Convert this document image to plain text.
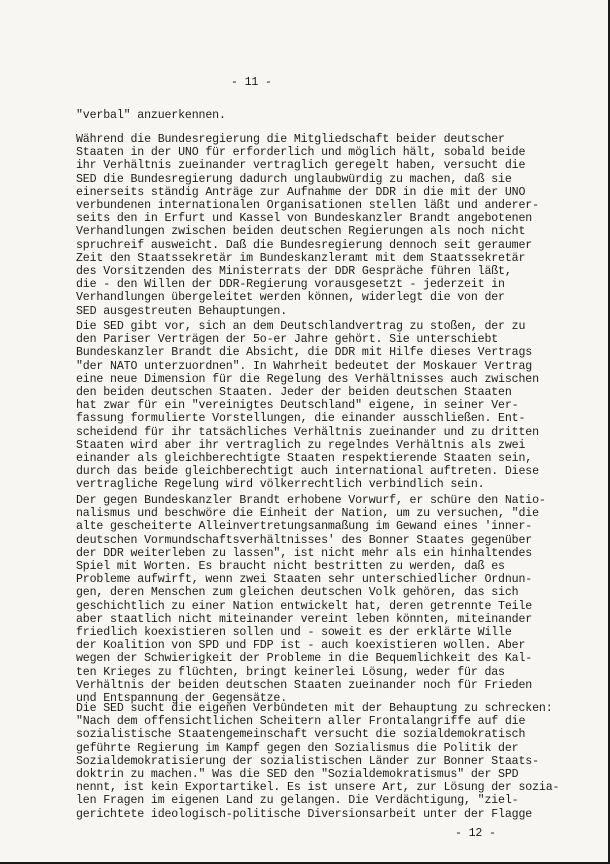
- 11 -
"verbal" anzuerkennen.
Während die Bundesregierung die Mitgliedschaft beider deutscher
Staaten in der UNO für erforderlich und möglich hält, sobald beide
ihr Verhältnis zueinander vertraglich geregelt haben, versucht die
SED die Bundesregierung dadurch unglaubwürdig zu machen, daß sie
einerseits ständig Anträge zur Aufnahme der DDR in die mit der UNO
verbundenen internationalen Organisationen stellen läßt und anderer-
seits den in Erfurt und Kassel von Bundeskanzler Brandt angebotenen
Verhandlungen zwischen beiden deutschen Regierungen als noch nicht
spruchreif ausweicht. Daß die Bundesregierung dennoch seit geraumer
Zeit den Staatssekretär im Bundeskanzleramt mit dem Staatssekretär
des Vorsitzenden des Ministerrats der DDR Gespräche führen läßt,
die - den Willen der DDR-Regierung vorausgesetzt - jederzeit in
Verhandlungen übergeleitet werden können, widerlegt die von der
SED ausgestreuten Behauptungen.
Die SED gibt vor, sich an dem Deutschlandvertrag zu stoßen, der zu
den Pariser Verträgen der 5o-er Jahre gehört. Sie unterschiebt
Bundeskanzler Brandt die Absicht, die DDR mit Hilfe dieses Vertrags
"der NATO unterzuordnen". In Wahrheit bedeutet der Moskauer Vertrag
eine neue Dimension für die Regelung des Verhältnisses auch zwischen
den beiden deutschen Staaten. Jeder der beiden deutschen Staaten
hat zwar für ein "vereinigtes Deutschland" eigene, in seiner Ver-
fassung formulierte Vorstellungen, die einander ausschließen. Ent-
scheidend für ihr tatsächliches Verhältnis zueinander und zu dritten
Staaten wird aber ihr vertraglich zu regelndes Verhältnis als zwei
einander als gleichberechtigte Staaten respektierende Staaten sein,
durch das beide gleichberechtigt auch international auftreten. Diese
vertragliche Regelung wird völkerrechtlich verbindlich sein.
Der gegen Bundeskanzler Brandt erhobene Vorwurf, er schüre den Natio-
nalismus und beschwöre die Einheit der Nation, um zu versuchen, "die
alte gescheiterte Alleinvertretungsanmaßung im Gewand eines 'inner-
deutschen Vormundschaftsverhältnisses' des Bonner Staates gegenüber
der DDR weiterleben zu lassen", ist nicht mehr als ein hinhaltendes
Spiel mit Worten. Es braucht nicht bestritten zu werden, daß es
Probleme aufwirft, wenn zwei Staaten sehr unterschiedlicher Ordnun-
gen, deren Menschen zum gleichen deutschen Volk gehören, das sich
geschichtlich zu einer Nation entwickelt hat, deren getrennte Teile
aber staatlich nicht miteinander vereint leben könnten, miteinander
friedlich koexistieren sollen und - soweit es der erklärte Wille
der Koalition von SPD und FDP ist - auch koexistieren wollen. Aber
wegen der Schwierigkeit der Probleme in die Bequemlichkeit des Kal-
ten Krieges zu flüchten, bringt keinerlei Lösung, weder für das
Verhältnis der beiden deutschen Staaten zueinander noch für Frieden
und Entspannung der Gegensätze.
Die SED sucht die eigenen Verbündeten mit der Behauptung zu schrecken:
"Nach dem offensichtlichen Scheitern aller Frontalangriffe auf die
sozialistische Staatengemeinschaft versucht die sozialdemokratisch
geführte Regierung im Kampf gegen den Sozialismus die Politik der
Sozialdemokratisierung der sozialistischen Länder zur Bonner Staats-
doktrin zu machen." Was die SED den "Sozialdemokratismus" der SPD
nennt, ist kein Exportartikel. Es ist unsere Art, zur Lösung der sozia-
len Fragen im eigenen Land zu gelangen. Die Verdächtigung, "ziel-
gerichtete ideologisch-politische Diversionsarbeit unter der Flagge
- 12 -
